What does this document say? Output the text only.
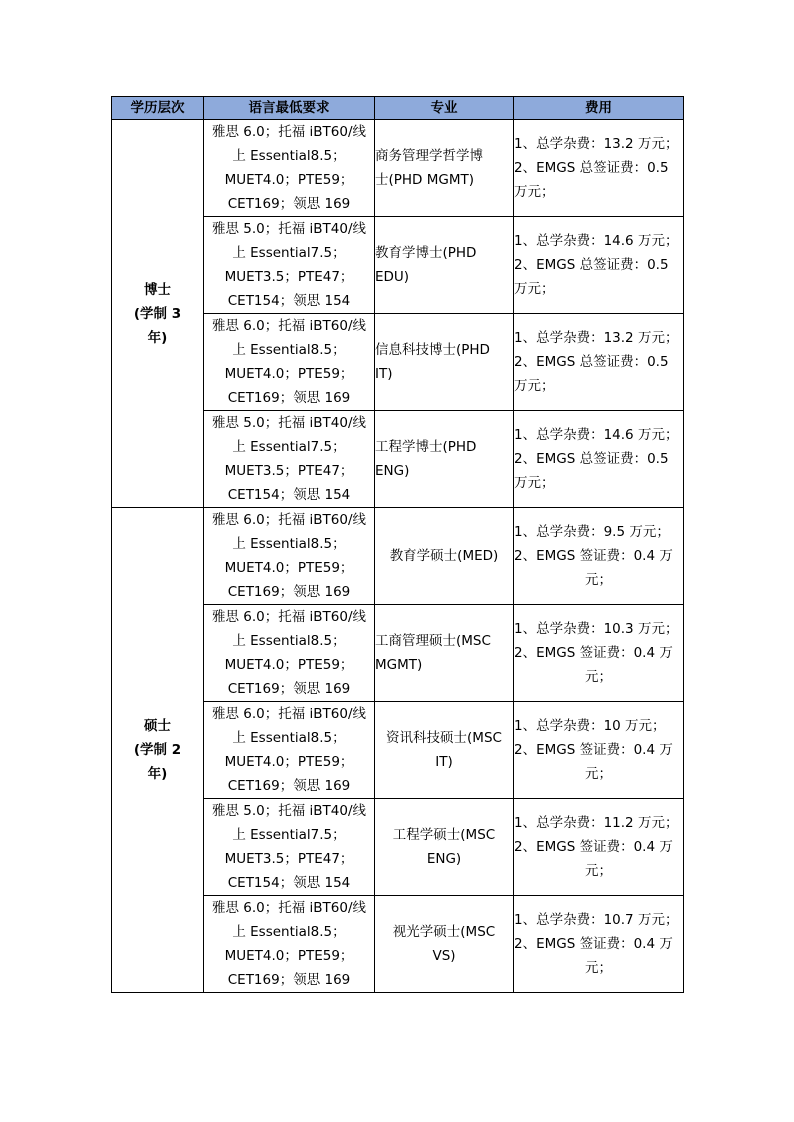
学历层次	语言最低要求	专业	费用

博士
(学制 3
年)	雅思 6.0；托福 iBT60/线
上 Essential8.5；
MUET4.0；PTE59；
CET169；领思 169	商务管理学哲学博
士(PHD MGMT)	1、总学杂费：13.2 万元；
2、EMGS 总签证费：0.5
万元；

	雅思 5.0；托福 iBT40/线
上 Essential7.5；
MUET3.5；PTE47；
CET154；领思 154	教育学博士(PHD
EDU)	1、总学杂费：14.6 万元；
2、EMGS 总签证费：0.5
万元；

	雅思 6.0；托福 iBT60/线
上 Essential8.5；
MUET4.0；PTE59；
CET169；领思 169	信息科技博士(PHD
IT)	1、总学杂费：13.2 万元；
2、EMGS 总签证费：0.5
万元；

	雅思 5.0；托福 iBT40/线
上 Essential7.5；
MUET3.5；PTE47；
CET154；领思 154	工程学博士(PHD
ENG)	1、总学杂费：14.6 万元；
2、EMGS 总签证费：0.5
万元；

硕士
(学制 2
年)	雅思 6.0；托福 iBT60/线
上 Essential8.5；
MUET4.0；PTE59；
CET169；领思 169	教育学硕士(MED)	1、总学杂费：9.5 万元；
2、EMGS 签证费：0.4 万
元；

	雅思 6.0；托福 iBT60/线
上 Essential8.5；
MUET4.0；PTE59；
CET169；领思 169	工商管理硕士(MSC
MGMT)	1、总学杂费：10.3 万元；
2、EMGS 签证费：0.4 万
元；

	雅思 6.0；托福 iBT60/线
上 Essential8.5；
MUET4.0；PTE59；
CET169；领思 169	资讯科技硕士(MSC
IT)	1、总学杂费：10 万元；
2、EMGS 签证费：0.4 万
元；

	雅思 5.0；托福 iBT40/线
上 Essential7.5；
MUET3.5；PTE47；
CET154；领思 154	工程学硕士(MSC
ENG)	1、总学杂费：11.2 万元；
2、EMGS 签证费：0.4 万
元；

	雅思 6.0；托福 iBT60/线
上 Essential8.5；
MUET4.0；PTE59；
CET169；领思 169	视光学硕士(MSC
VS)	1、总学杂费：10.7 万元；
2、EMGS 签证费：0.4 万
元；
